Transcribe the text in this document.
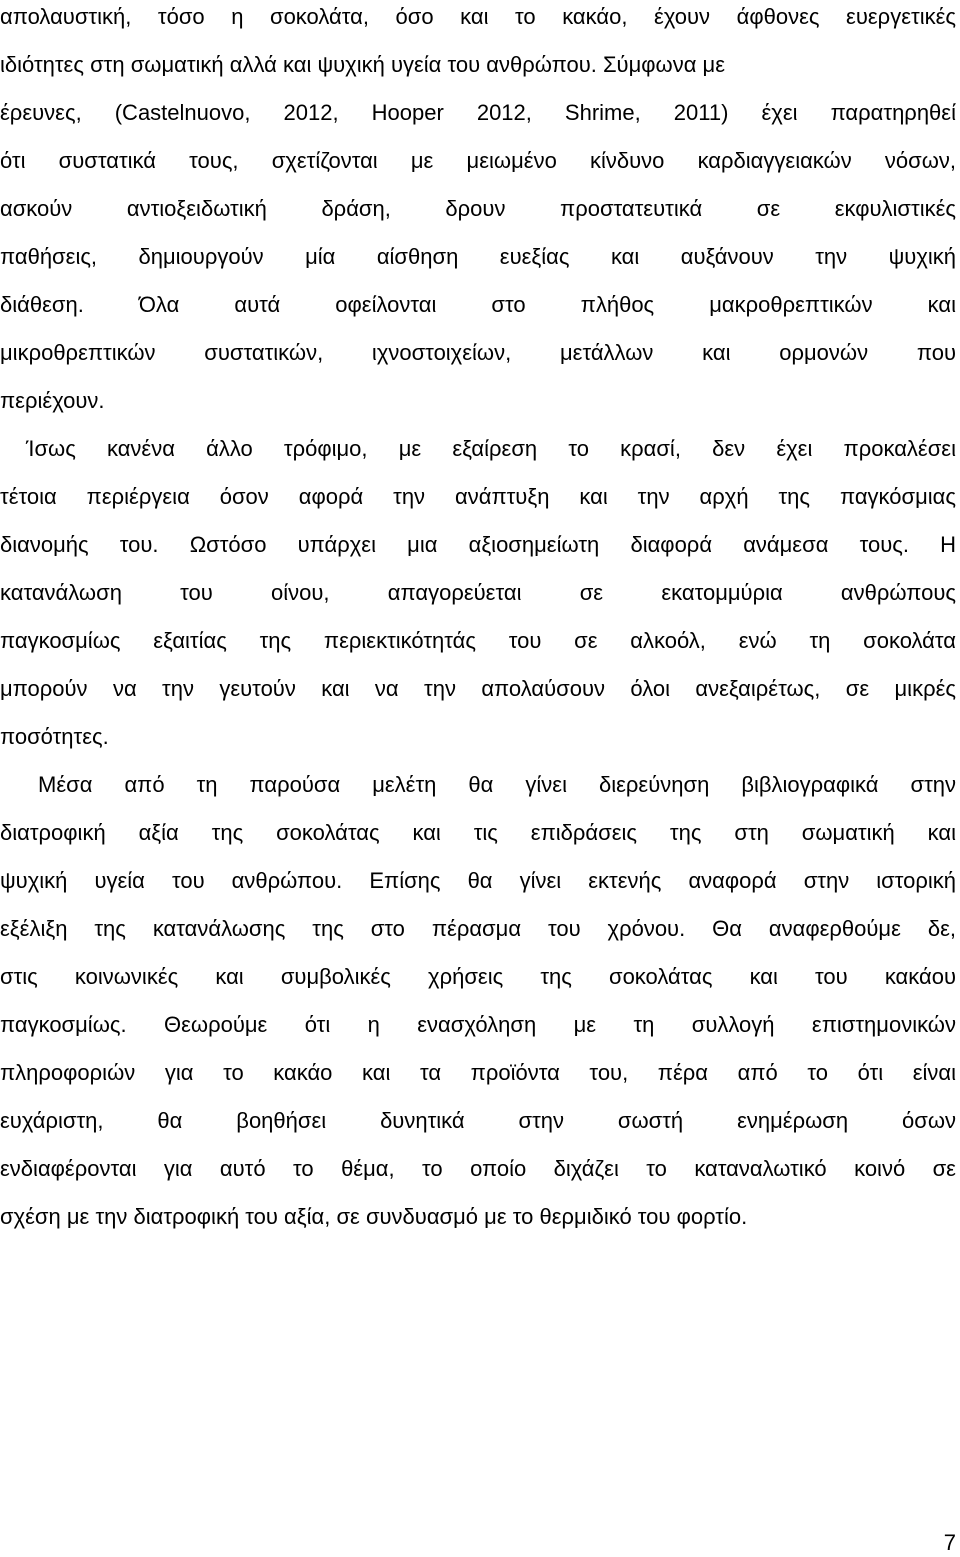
απολαυστική, τόσο η σοκολάτα, όσο και το κακάο, έχουν άφθονες ευεργετικές
ιδιότητες στη σωματική αλλά και ψυχική υγεία του ανθρώπου. Σύμφωνα με
έρευνες, (Castelnuovo, 2012, Hooper 2012, Shrime, 2011) έχει παρατηρηθεί
ότι συστατικά τους, σχετίζονται με μειωμένο κίνδυνο καρδιαγγειακών νόσων,
ασκούν αντιοξειδωτική δράση, δρουν προστατευτικά σε εκφυλιστικές
παθήσεις, δημιουργούν μία αίσθηση ευεξίας και αυξάνουν την ψυχική
διάθεση. Όλα αυτά οφείλονται στο πλήθος μακροθρεπτικών και
μικροθρεπτικών συστατικών, ιχνοστοιχείων, μετάλλων και ορμονών που
περιέχουν.
Ίσως κανένα άλλο τρόφιμο, με εξαίρεση το κρασί, δεν έχει προκαλέσει
τέτοια περιέργεια όσον αφορά την ανάπτυξη και την αρχή της παγκόσμιας
διανομής του. Ωστόσο υπάρχει μια αξιοσημείωτη διαφορά ανάμεσα τους. Η
κατανάλωση του οίνου, απαγορεύεται σε εκατομμύρια ανθρώπους
παγκοσμίως εξαιτίας της περιεκτικότητάς του σε αλκοόλ, ενώ τη σοκολάτα
μπορούν να την γευτούν και να την απολαύσουν όλοι ανεξαιρέτως, σε μικρές
ποσότητες.
Μέσα από τη παρούσα μελέτη θα γίνει διερεύνηση βιβλιογραφικά στην
διατροφική αξία της σοκολάτας και τις επιδράσεις της στη σωματική και
ψυχική υγεία του ανθρώπου. Επίσης θα γίνει εκτενής αναφορά στην ιστορική
εξέλιξη της κατανάλωσης της στο πέρασμα του χρόνου. Θα αναφερθούμε δε,
στις κοινωνικές και συμβολικές χρήσεις της σοκολάτας και του κακάου
παγκοσμίως. Θεωρούμε ότι η ενασχόληση με τη συλλογή επιστημονικών
πληροφοριών για το κακάο και τα προϊόντα του, πέρα από το ότι είναι
ευχάριστη, θα βοηθήσει δυνητικά στην σωστή ενημέρωση όσων
ενδιαφέρονται για αυτό το θέμα, το οποίο διχάζει το καταναλωτικό κοινό σε
σχέση με την διατροφική του αξία, σε συνδυασμό με το θερμιδικό του φορτίο.
7
